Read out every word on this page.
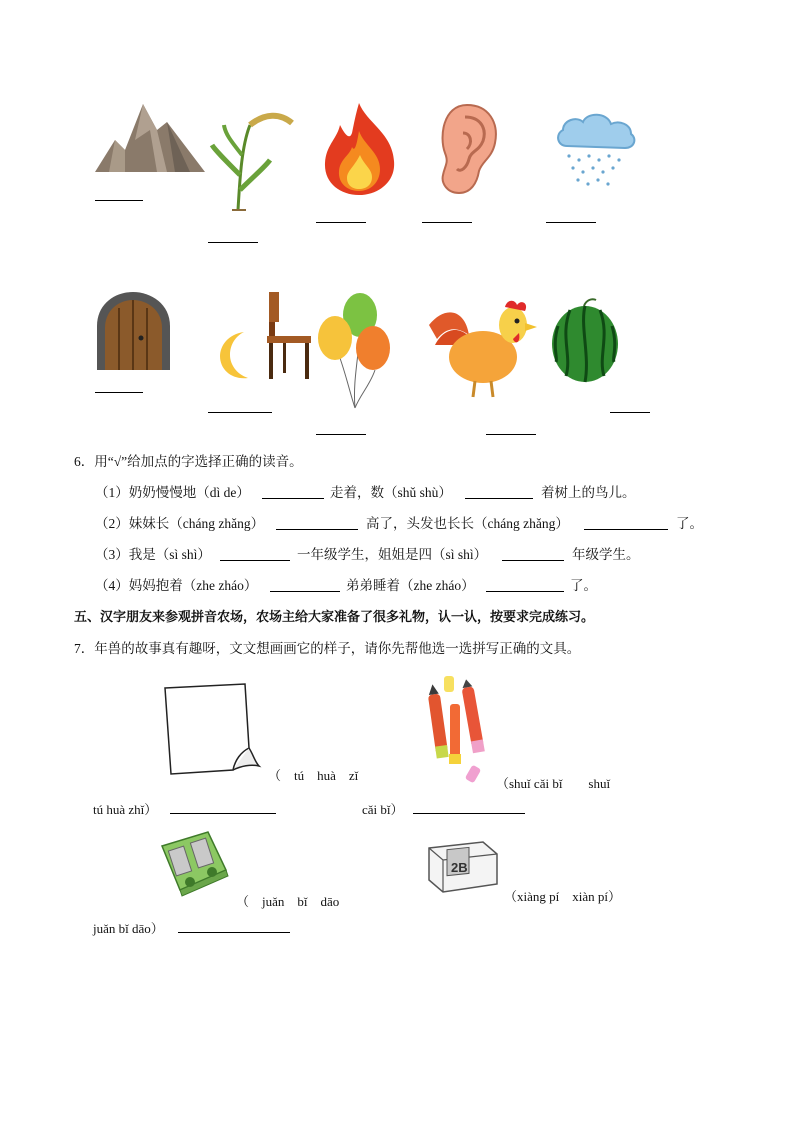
6．用“√”给加点的字选择正确的读音。
（1）奶奶慢慢地（dì de）	走着，数（shǔ shù）	着树上的鸟儿。
（2）妹妹长（cháng zhǎng）	高了，头发也长长（cháng zhǎng）	了。
（3）我是（sì shì）	一年级学生，姐姐是四（sì shì）	年级学生。
（4）妈妈抱着（zhe zháo）	弟弟睡着（zhe zháo）	了。
五、汉字朋友来参观拼音农场，农场主给大家准备了很多礼物，认一认，按要求完成练习。
7．年兽的故事真有趣呀，文文想画画它的样子，请你先帮他选一选拼写正确的文具。
（　tú　huà　zǐ
tú huà zhǐ）
（shuǐ cǎi bǐ　　shuǐ
cǎi bǐ）
（　juǎn　bǐ　dāo
juǎn bǐ dāo）
2B
（xiàng pí　xiàn pí）
